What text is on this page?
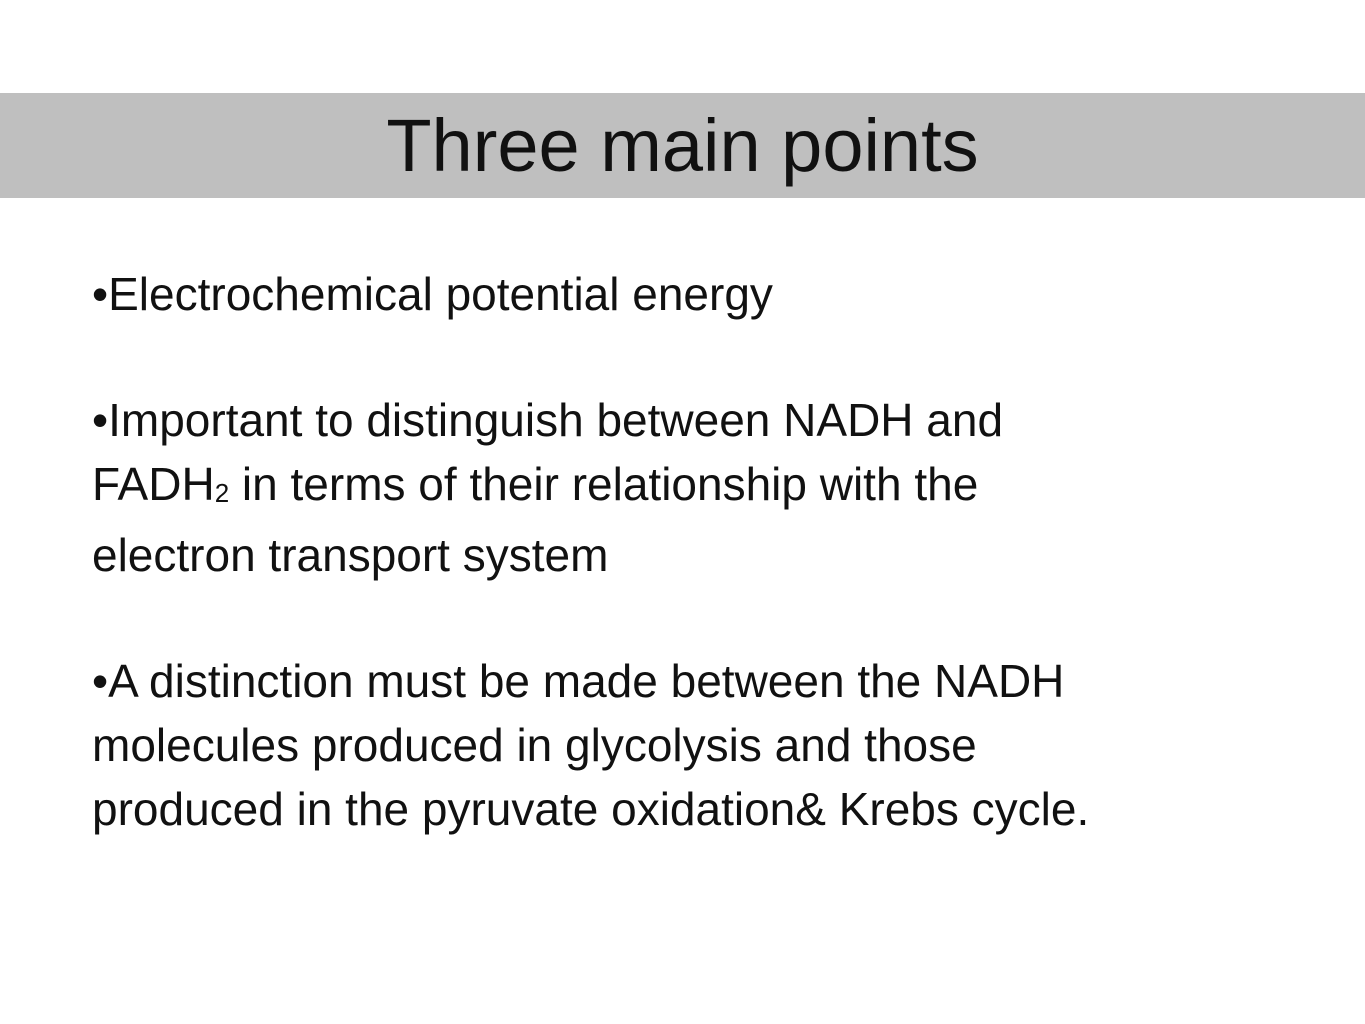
Three main points

•Electrochemical potential energy

•Important to distinguish between NADH and
FADH2 in terms of their relationship with the
electron transport system

•A distinction must be made between the NADH
molecules produced in glycolysis and those
produced in the pyruvate oxidation& Krebs cycle.
